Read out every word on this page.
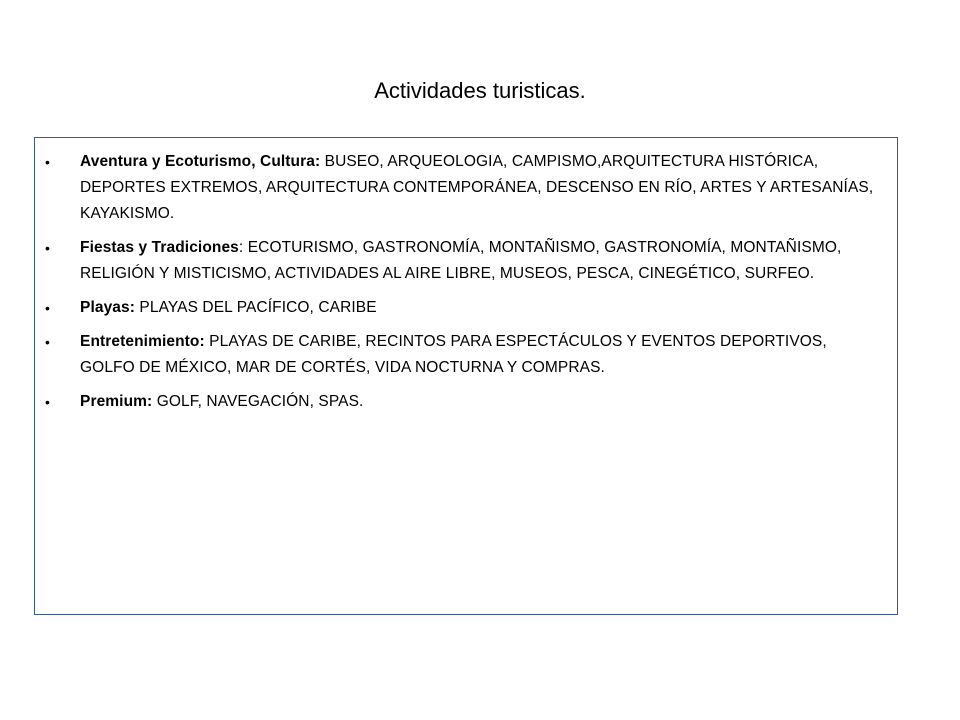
Actividades turisticas.
• Aventura y Ecoturismo, Cultura: BUSEO, ARQUEOLOGIA, CAMPISMO,ARQUITECTURA HISTÓRICA, DEPORTES EXTREMOS, ARQUITECTURA CONTEMPORÁNEA, DESCENSO EN RÍO, ARTES Y ARTESANÍAS, KAYAKISMO.
• Fiestas y Tradiciones: ECOTURISMO, GASTRONOMÍA, MONTAÑISMO, GASTRONOMÍA, MONTAÑISMO, RELIGIÓN Y MISTICISMO, ACTIVIDADES AL AIRE LIBRE, MUSEOS, PESCA, CINEGÉTICO, SURFEO.
• Playas: PLAYAS DEL PACÍFICO, CARIBE
• Entretenimiento: PLAYAS DE CARIBE, RECINTOS PARA ESPECTÁCULOS Y EVENTOS DEPORTIVOS, GOLFO DE MÉXICO, MAR DE CORTÉS, VIDA NOCTURNA Y COMPRAS.
• Premium: GOLF, NAVEGACIÓN, SPAS.
